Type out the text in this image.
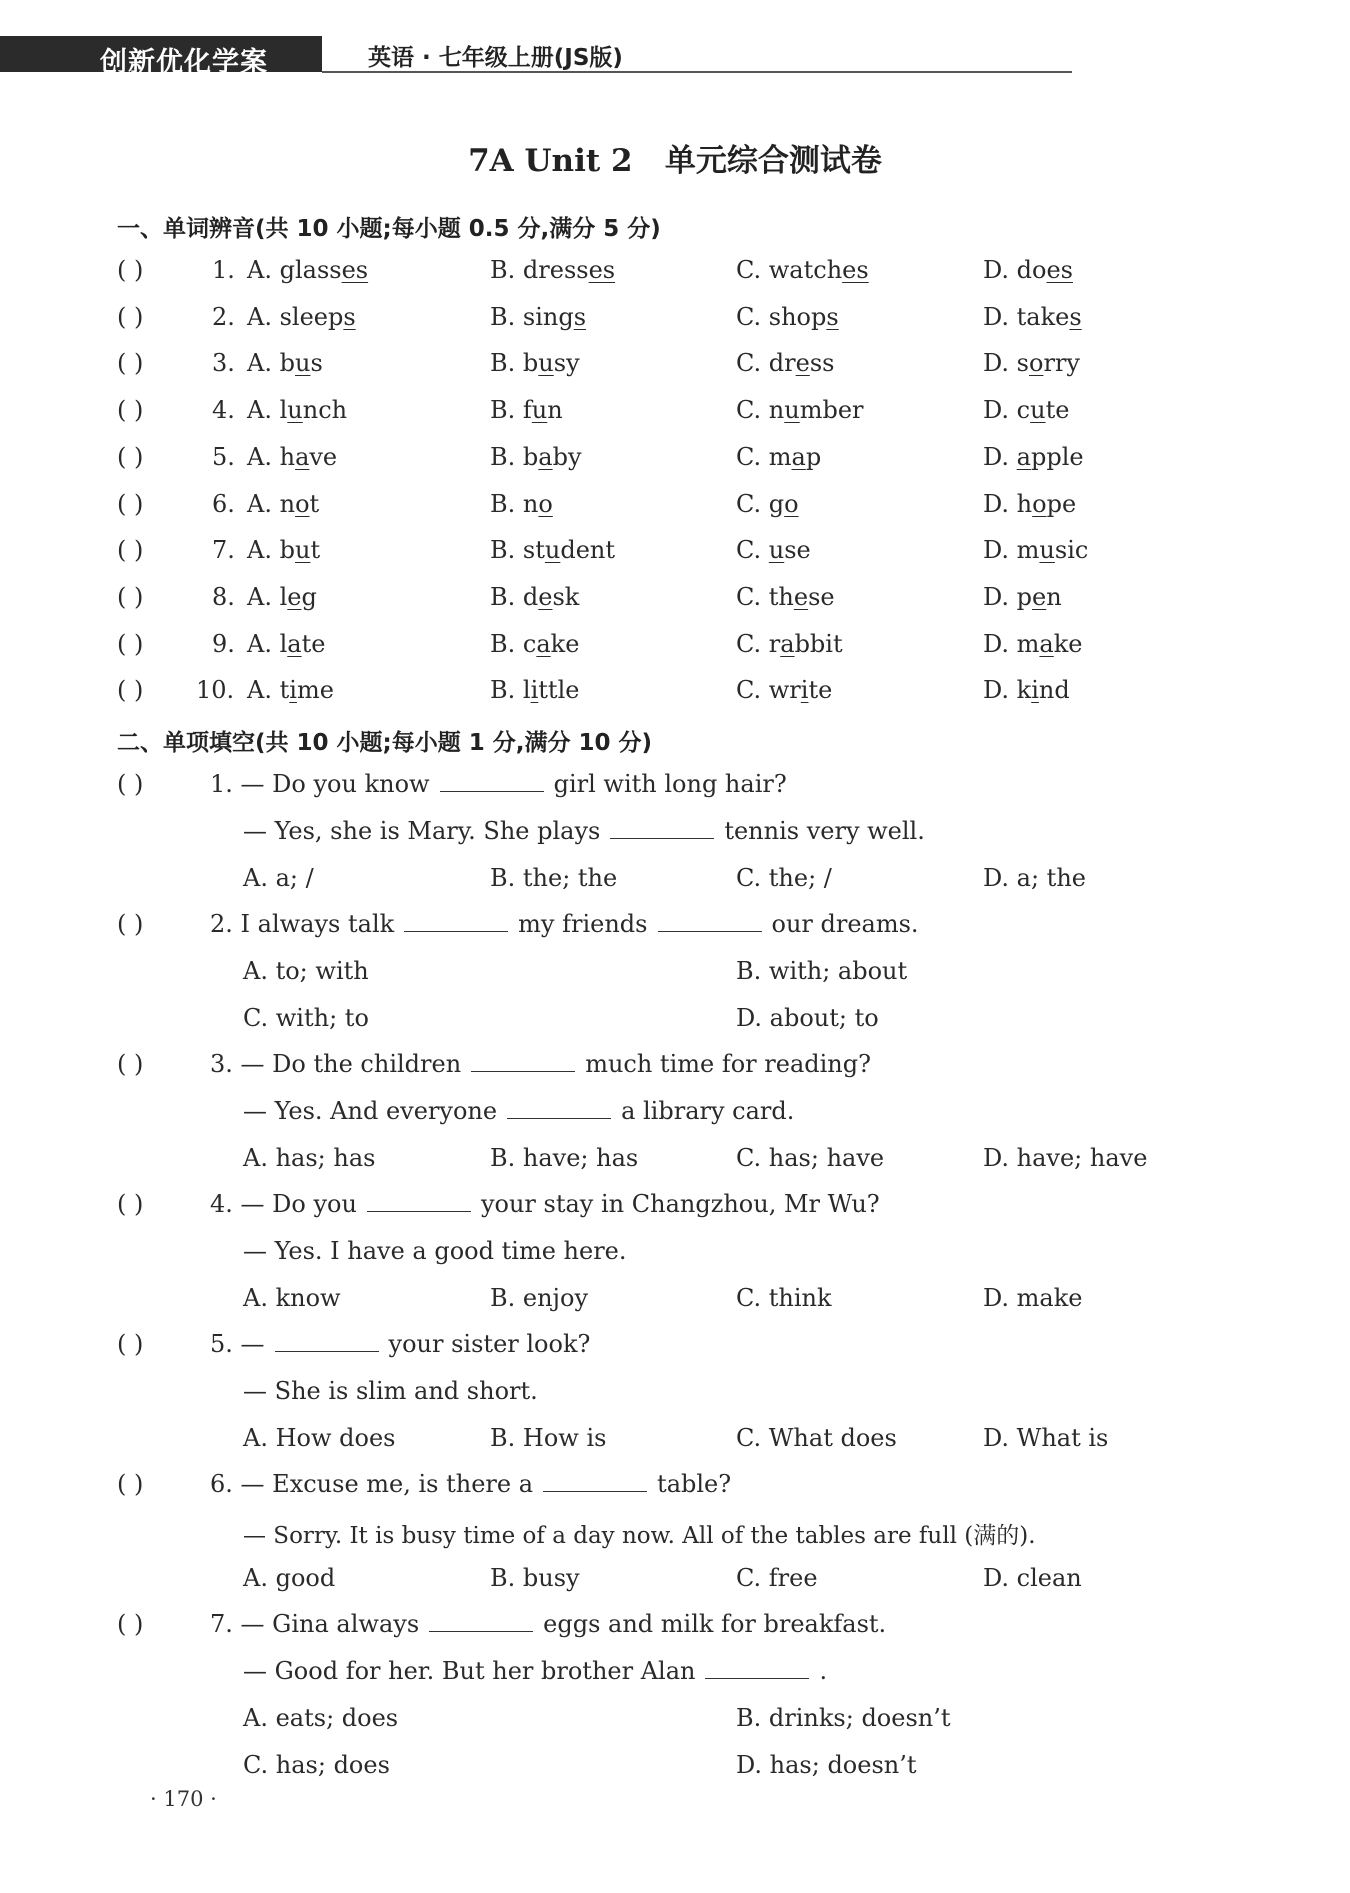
创新优化学案	英语 · 七年级上册(JS版)
7A Unit 2   单元综合测试卷
一、单词辨音(共 10 小题;每小题 0.5 分,满分 5 分)
( )	1. A. glasses	B. dresses	C. watches	D. does
( )	2. A. sleeps	B. sings	C. shops	D. takes
( )	3. A. bus	B. busy	C. dress	D. sorry
( )	4. A. lunch	B. fun	C. number	D. cute
( )	5. A. have	B. baby	C. map	D. apple
( )	6. A. not	B. no	C. go	D. hope
( )	7. A. but	B. student	C. use	D. music
( )	8. A. leg	B. desk	C. these	D. pen
( )	9. A. late	B. cake	C. rabbit	D. make
( ) 10. A. time	B. little	C. write	D. kind
二、单项填空(共 10 小题;每小题 1 分,满分 10 分)
( )	1. — Do you know	girl with long hair?
— Yes, she is Mary. She plays	tennis very well.
A. a; /	B. the; the	C. the; /	D. a; the
( )	2. I always talk	my friends	our dreams.
A. to; with	B. with; about
C. with; to	D. about; to
( )	3. — Do the children	much time for reading?
— Yes. And everyone	a library card.
A. has; has	B. have; has	C. has; have	D. have; have
( )	4. — Do you	your stay in Changzhou, Mr Wu?
— Yes. I have a good time here.
A. know	B. enjoy	C. think	D. make
( )	5. —	your sister look?
— She is slim and short.
A. How does	B. How is	C. What does	D. What is
( )	6. — Excuse me, is there a	table?
— Sorry. It is busy time of a day now. All of the tables are full (满的).
A. good	B. busy	C. free	D. clean
( )	7. — Gina always	eggs and milk for breakfast.
— Good for her. But her brother Alan	.
A. eats; does	B. drinks; doesn’t
C. has; does	D. has; doesn’t
· 170 ·
